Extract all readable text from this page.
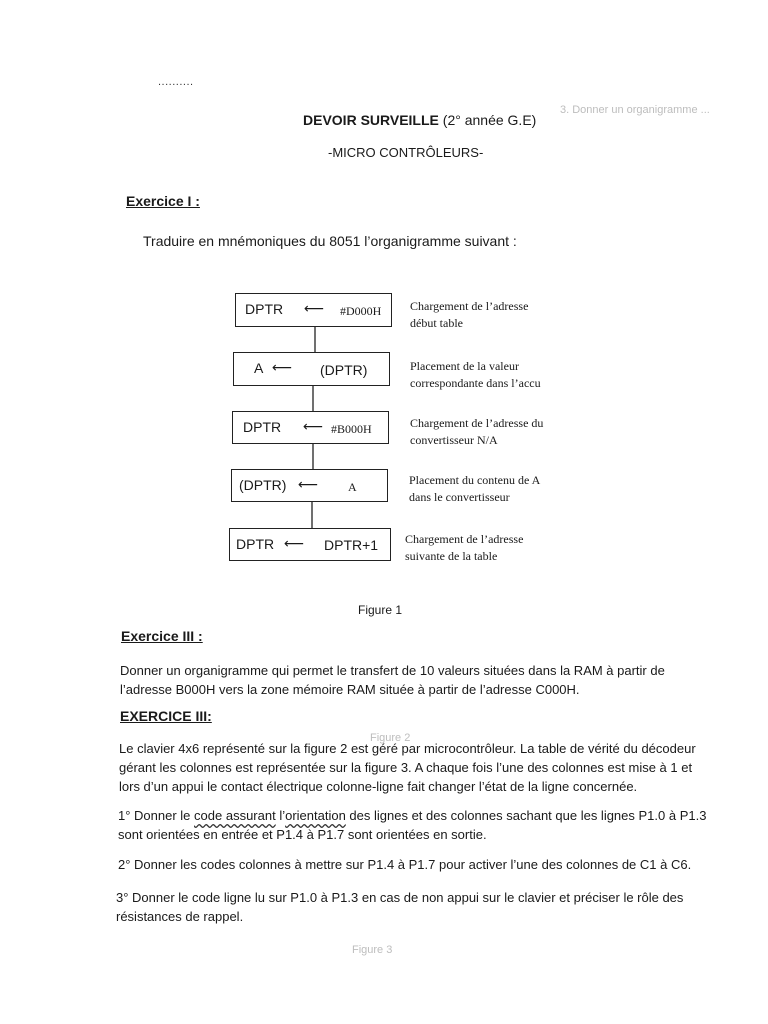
..........
3. Donner un organigramme ...
Figure 2
Figure 3
DEVOIR SURVEILLE (2° année G.E)
-MICRO CONTRÔLEURS-
Exercice I :
Traduire en mnémoniques du 8051 l’organigramme suivant :
DPTR ⟵ #D000H Chargement de l’adresse
début table
A ⟵ (DPTR)	Placement de la valeur
correspondante dans l’accu
DPTR ⟵ #B000H	Chargement de l’adresse du
convertisseur N/A
(DPTR) ⟵ A	Placement du contenu de A
dans le convertisseur
DPTR ⟵ DPTR+1 Chargement de l’adresse
suivante de la table
Figure 1
Exercice III :
Donner un organigramme qui permet le transfert de 10 valeurs situées dans la RAM à partir de
l’adresse B000H vers la zone mémoire RAM située à partir de l’adresse C000H.
EXERCICE III:
Le clavier 4x6 représenté sur la figure 2 est géré par microcontrôleur. La table de vérité du décodeur
gérant les colonnes est représentée sur la figure 3. A chaque fois l’une des colonnes est mise à 1 et
lors d’un appui le contact électrique colonne-ligne fait changer l’état de la ligne concernée.
1° Donner le code assurant l’orientation des lignes et des colonnes sachant que les lignes P1.0 à P1.3
sont orientées en entrée et P1.4 à P1.7 sont orientées en sortie.
2° Donner les codes colonnes à mettre sur P1.4 à P1.7 pour activer l’une des colonnes de C1 à C6.
3° Donner le code ligne lu sur P1.0 à P1.3 en cas de non appui sur le clavier et préciser le rôle des
résistances de rappel.
